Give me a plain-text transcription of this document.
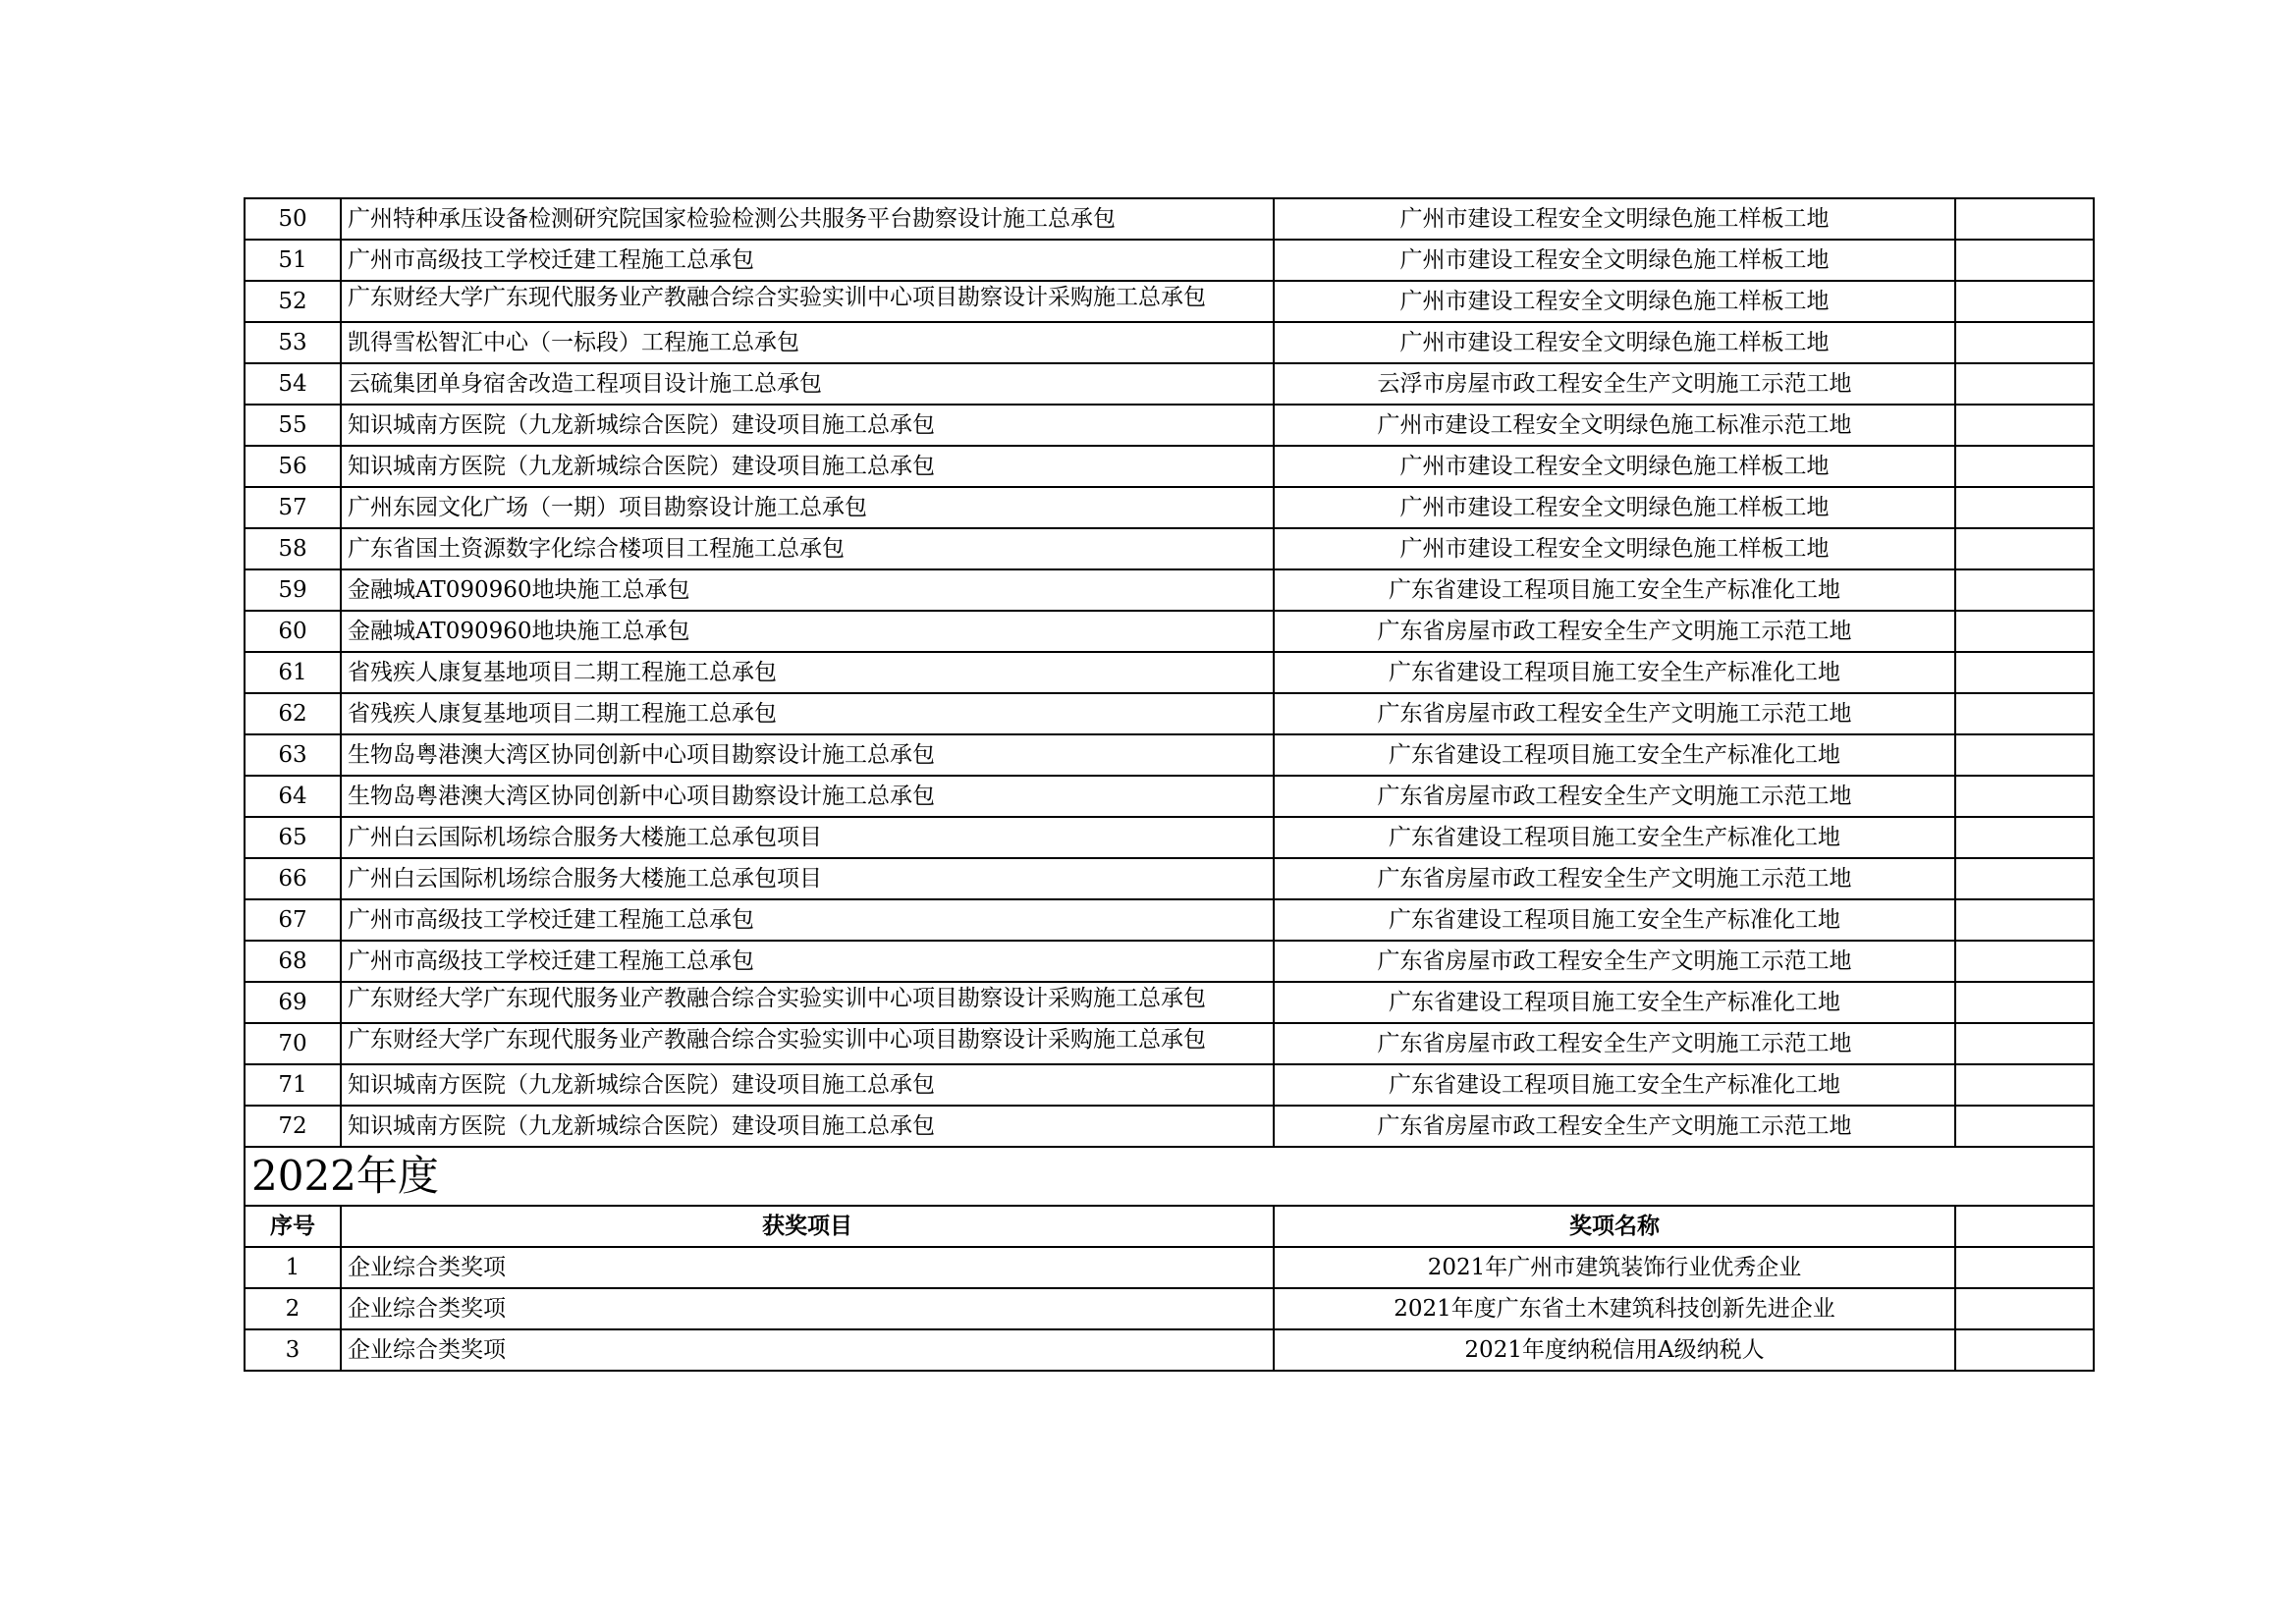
50	广州特种承压设备检测研究院国家检验检测公共服务平台勘察设计施工总承包	广州市建设工程安全文明绿色施工样板工地	
51	广州市高级技工学校迁建工程施工总承包	广州市建设工程安全文明绿色施工样板工地	
52	广东财经大学广东现代服务业产教融合综合实验实训中心项目勘察设计采购施工总承包	广州市建设工程安全文明绿色施工样板工地	
53	凯得雪松智汇中心（一标段）工程施工总承包	广州市建设工程安全文明绿色施工样板工地	
54	云硫集团单身宿舍改造工程项目设计施工总承包	云浮市房屋市政工程安全生产文明施工示范工地	
55	知识城南方医院（九龙新城综合医院）建设项目施工总承包	广州市建设工程安全文明绿色施工标准示范工地	
56	知识城南方医院（九龙新城综合医院）建设项目施工总承包	广州市建设工程安全文明绿色施工样板工地	
57	广州东园文化广场（一期）项目勘察设计施工总承包	广州市建设工程安全文明绿色施工样板工地	
58	广东省国土资源数字化综合楼项目工程施工总承包	广州市建设工程安全文明绿色施工样板工地	
59	金融城AT090960地块施工总承包	广东省建设工程项目施工安全生产标准化工地	
60	金融城AT090960地块施工总承包	广东省房屋市政工程安全生产文明施工示范工地	
61	省残疾人康复基地项目二期工程施工总承包	广东省建设工程项目施工安全生产标准化工地	
62	省残疾人康复基地项目二期工程施工总承包	广东省房屋市政工程安全生产文明施工示范工地	
63	生物岛粤港澳大湾区协同创新中心项目勘察设计施工总承包	广东省建设工程项目施工安全生产标准化工地	
64	生物岛粤港澳大湾区协同创新中心项目勘察设计施工总承包	广东省房屋市政工程安全生产文明施工示范工地	
65	广州白云国际机场综合服务大楼施工总承包项目	广东省建设工程项目施工安全生产标准化工地	
66	广州白云国际机场综合服务大楼施工总承包项目	广东省房屋市政工程安全生产文明施工示范工地	
67	广州市高级技工学校迁建工程施工总承包	广东省建设工程项目施工安全生产标准化工地	
68	广州市高级技工学校迁建工程施工总承包	广东省房屋市政工程安全生产文明施工示范工地	
69	广东财经大学广东现代服务业产教融合综合实验实训中心项目勘察设计采购施工总承包	广东省建设工程项目施工安全生产标准化工地	
70	广东财经大学广东现代服务业产教融合综合实验实训中心项目勘察设计采购施工总承包	广东省房屋市政工程安全生产文明施工示范工地	
71	知识城南方医院（九龙新城综合医院）建设项目施工总承包	广东省建设工程项目施工安全生产标准化工地	
72	知识城南方医院（九龙新城综合医院）建设项目施工总承包	广东省房屋市政工程安全生产文明施工示范工地	
2022年度			
序号	获奖项目	奖项名称	
1	企业综合类奖项	2021年广州市建筑装饰行业优秀企业	
2	企业综合类奖项	2021年度广东省土木建筑科技创新先进企业	
3	企业综合类奖项	2021年度纳税信用A级纳税人	
